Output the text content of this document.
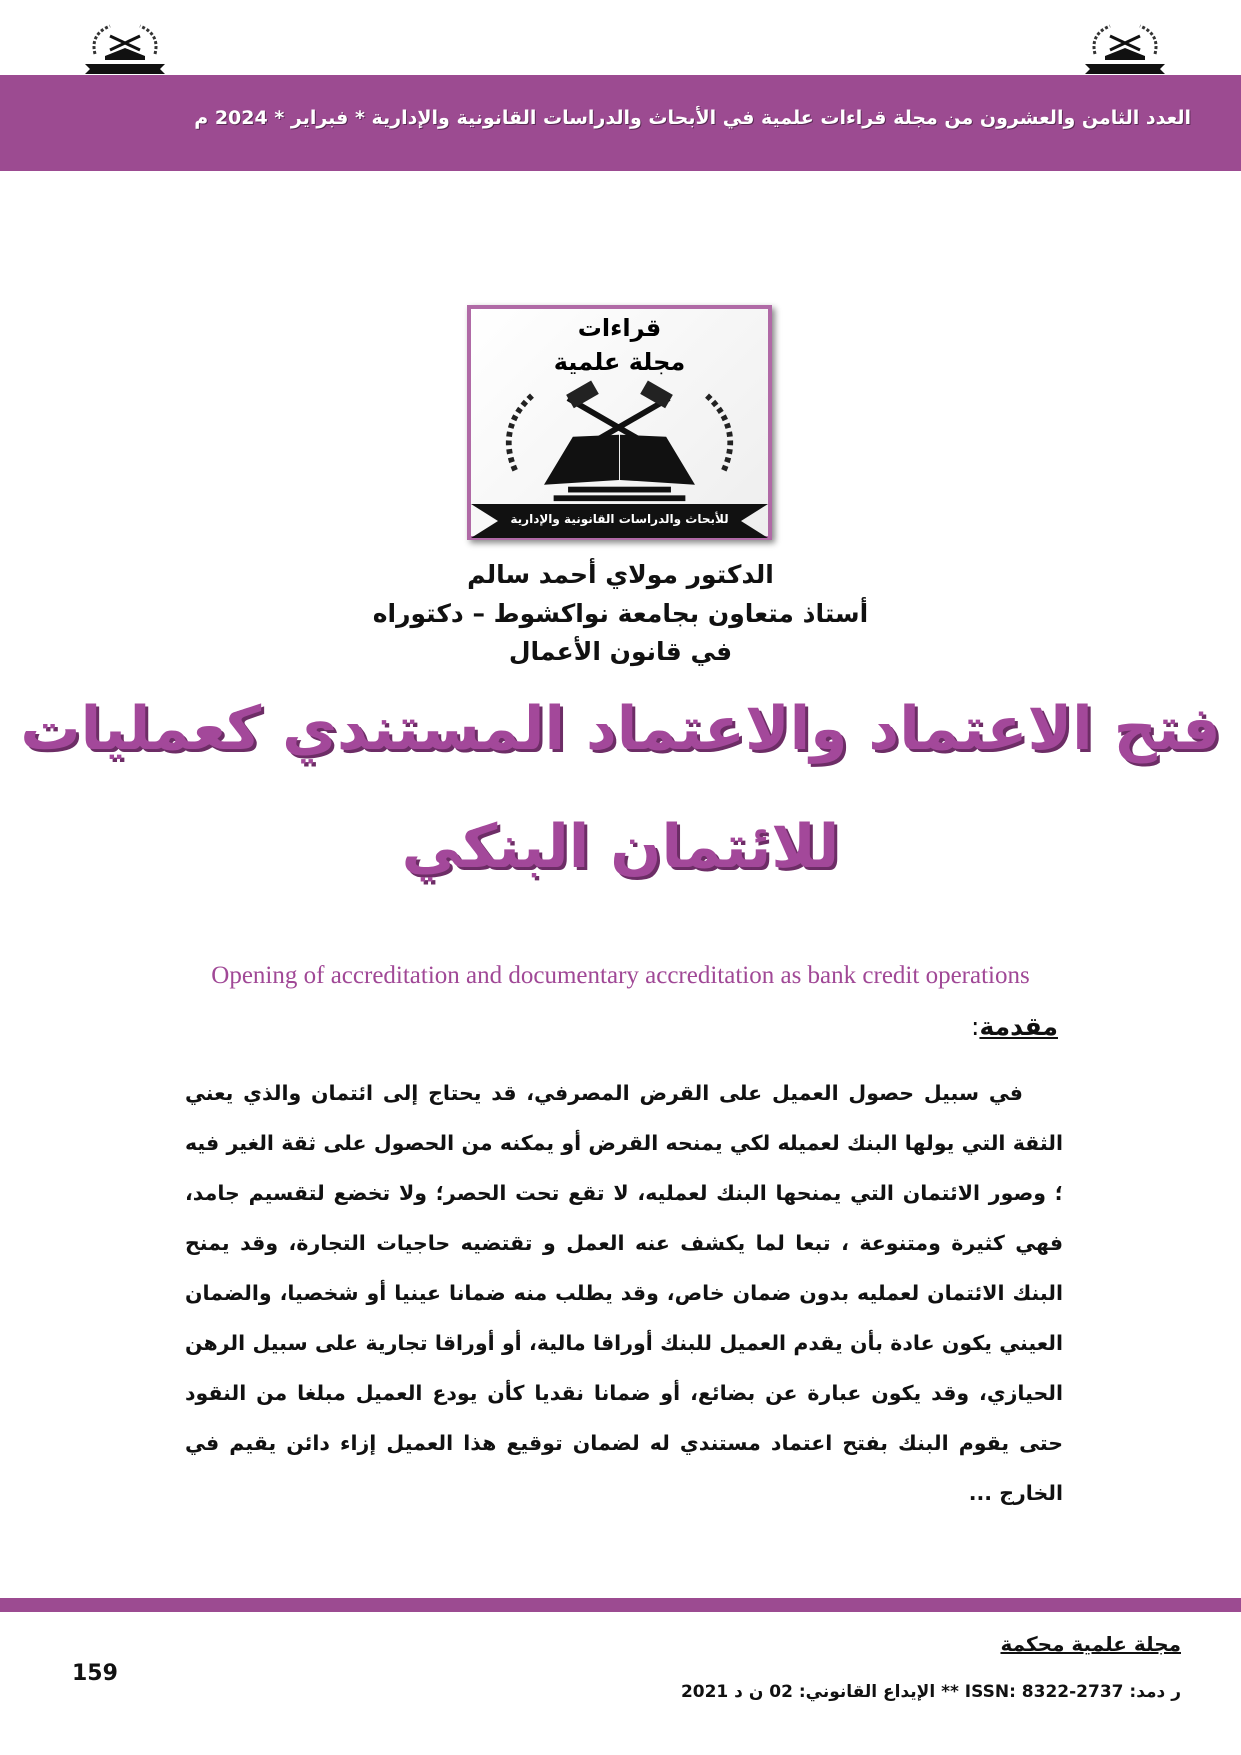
العدد الثامن والعشرون من مجلة قراءات علمية في الأبحاث والدراسات القانونية والإدارية * فبراير * 2024 م
قراءات
مجلة علمية
للأبحاث والدراسات القانونية والإدارية
الدكتور مولاي أحمد سالم
أستاذ متعاون بجامعة نواكشوط – دكتوراه
في قانون الأعمال
فتح الاعتماد والاعتماد المستندي كعمليات
للائتمان البنكي
Opening of accreditation and documentary accreditation as bank credit operations
مقدمة:

في سبيل حصول العميل على القرض المصرفي، قد يحتاج إلى ائتمان والذي يعني الثقة التي يولها البنك لعميله لكي يمنحه القرض أو يمكنه من الحصول على ثقة الغير فيه ؛ وصور الائتمان التي يمنحها البنك لعمليه، لا تقع تحت الحصر؛ ولا تخضع لتقسيم جامد، فهي كثيرة ومتنوعة ، تبعا لما يكشف عنه العمل و تقتضيه حاجيات التجارة، وقد يمنح البنك الائتمان لعمليه بدون ضمان خاص، وقد يطلب منه ضمانا عينيا أو شخصيا، والضمان العيني يكون عادة بأن يقدم العميل للبنك أوراقا مالية، أو أوراقا تجارية على سبيل الرهن الحيازي، وقد يكون عبارة عن بضائع، أو ضمانا نقديا كأن يودع العميل مبلغا من النقود حتى يقوم البنك بفتح اعتماد مستندي له لضمان توقيع هذا العميل إزاء دائن يقيم في الخارج ...

مجلة علمية محكمة
ر دمد: 2737-8322 :ISSN ** الإيداع القانوني: 02 ن د 2021
159
